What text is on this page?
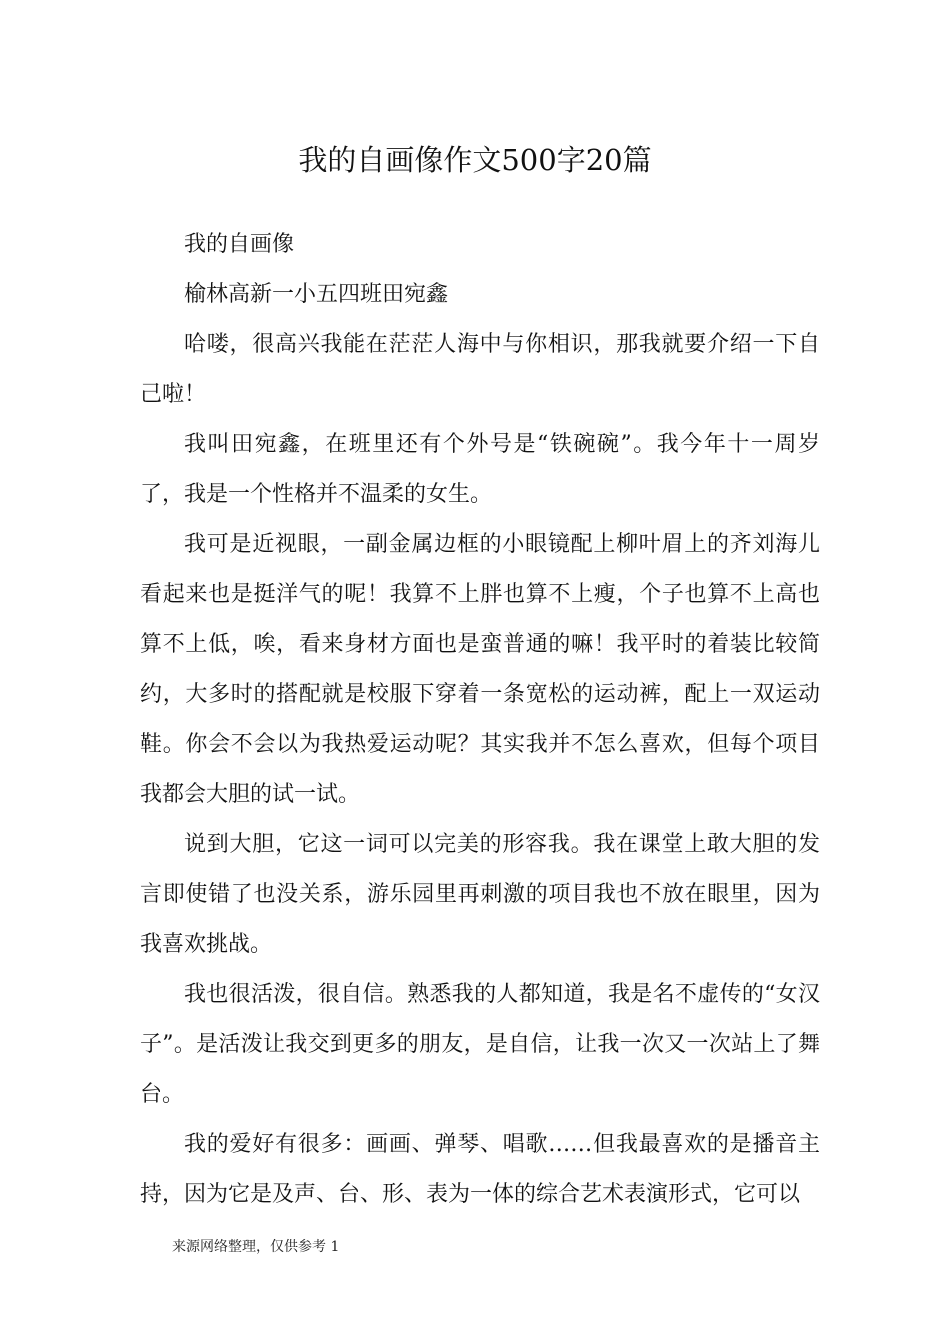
我的自画像作文500字20篇

我的自画像

榆林高新一小五四班田宛鑫

哈喽，很高兴我能在茫茫人海中与你相识，那我就要介绍一下自己啦！

我叫田宛鑫，在班里还有个外号是“铁碗碗”。我今年十一周岁了，我是一个性格并不温柔的女生。

我可是近视眼，一副金属边框的小眼镜配上柳叶眉上的齐刘海儿看起来也是挺洋气的呢！我算不上胖也算不上瘦，个子也算不上高也算不上低，唉，看来身材方面也是蛮普通的嘛！我平时的着装比较简约，大多时的搭配就是校服下穿着一条宽松的运动裤，配上一双运动鞋。你会不会以为我热爱运动呢？其实我并不怎么喜欢，但每个项目我都会大胆的试一试。

说到大胆，它这一词可以完美的形容我。我在课堂上敢大胆的发言即使错了也没关系，游乐园里再刺激的项目我也不放在眼里，因为我喜欢挑战。

我也很活泼，很自信。熟悉我的人都知道，我是名不虚传的“女汉子”。是活泼让我交到更多的朋友，是自信，让我一次又一次站上了舞台。

我的爱好有很多：画画、弹琴、唱歌……但我最喜欢的是播音主持，因为它是及声、台、形、表为一体的综合艺术表演形式，它可以

来源网络整理，仅供参考 1
